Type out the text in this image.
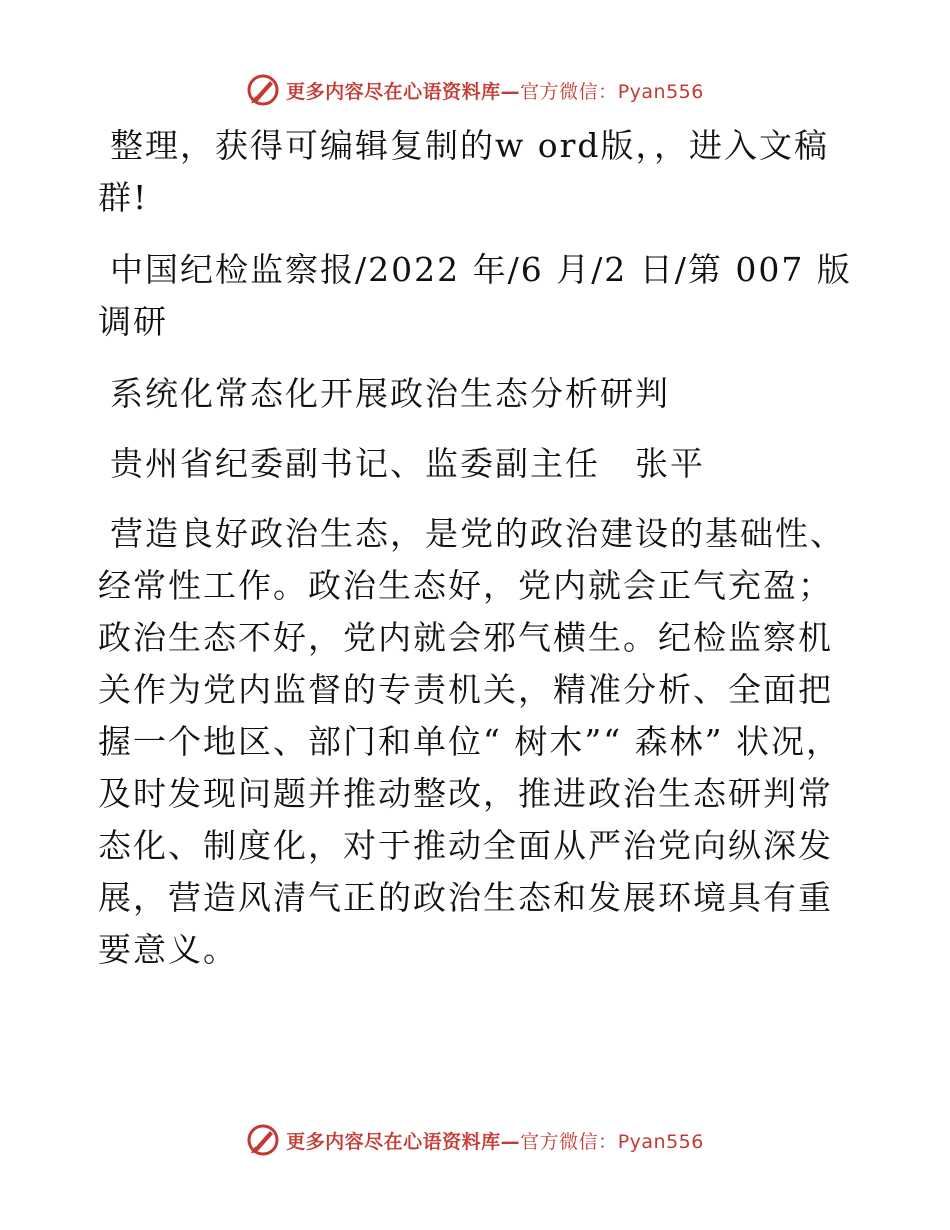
更多内容尽在心语资料库—官方微信：Pyan556

整理，获得可编辑复制的w ord版，，进入文稿群!

中国纪检监察报/2022 年/6 月/2 日/第 007 版调研

系统化常态化开展政治生态分析研判

贵州省纪委副书记、监委副主任　张平

营造良好政治生态，是党的政治建设的基础性、经常性工作。政治生态好，党内就会正气充盈；政治生态不好，党内就会邪气横生。纪检监察机关作为党内监督的专责机关，精准分析、全面把握一个地区、部门和单位“ 树木”“ 森林” 状况，及时发现问题并推动整改，推进政治生态研判常态化、制度化，对于推动全面从严治党向纵深发展，营造风清气正的政治生态和发展环境具有重要意义。

更多内容尽在心语资料库—官方微信：Pyan556
